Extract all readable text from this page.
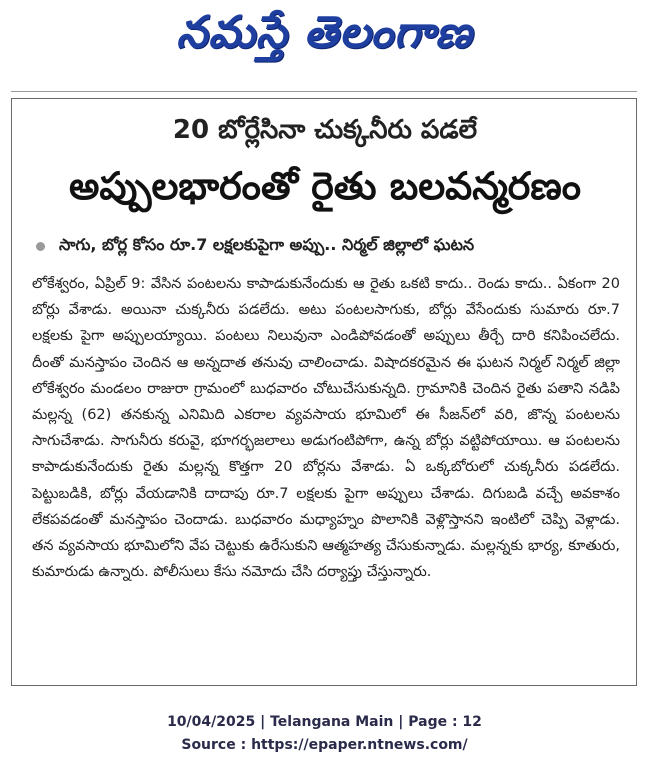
నమస్తే తెలంగాణ
20 బోర్లేసినా చుక్కనీరు పడలే
అప్పులభారంతో రైతు బలవన్మరణం
సాగు, బోర్ల కోసం రూ.7 లక్షలకుపైగా అప్పు.. నిర్మల్ జిల్లాలో ఘటన

లోకేశ్వరం, ఏప్రిల్ 9: వేసిన పంటలను కాపాడుకునేందుకు ఆ రైతు ఒకటి కాదు.. రెండు కాదు.. ఏకంగా 20 బోర్లు వేశాడు. అయినా చుక్కనీరు పడలేదు. అటు పంటలసాగుకు, బోర్లు వేసేందుకు సుమారు రూ.7 లక్షలకు పైగా అప్పులయ్యాయి. పంటలు నిలువునా ఎండిపోవడంతో అప్పులు తీర్చే దారి కనిపించలేదు. దీంతో మనస్తాపం చెందిన ఆ అన్నదాత తనువు చాలించాడు. విషాదకరమైన ఈ ఘటన నిర్మల్ నిర్మల్ జిల్లా లోకేశ్వరం మండలం రాజురా గ్రామంలో బుధవారం చోటుచేసుకున్నది. గ్రామానికి చెందిన రైతు పతాని నడిపి మల్లన్న (62) తనకున్న ఎనిమిది ఎకరాల వ్యవసాయ భూమిలో ఈ సీజన్‌లో వరి, జొన్న పంటలను సాగుచేశాడు. సాగునీరు కరువై, భూగర్భజలాలు అడుగంటిపోగా, ఉన్న బోర్లు వట్టిపోయాయి. ఆ పంటలను కాపాడుకునేందుకు రైతు మల్లన్న కొత్తగా 20 బోర్లను వేశాడు. ఏ ఒక్కబోరులో చుక్కనీరు పడలేదు. పెట్టుబడికి, బోర్లు వేయడానికి దాదాపు రూ.7 లక్షలకు పైగా అప్పులు చేశాడు. దిగుబడి వచ్చే అవకాశం లేకపవడంతో మనస్తాపం చెందాడు. బుధవారం మధ్యాహ్నం పొలానికి వెళ్లొస్తానని ఇంటిలో చెప్పి వెళ్లాడు. తన వ్యవసాయ భూమిలోని వేప చెట్టుకు ఉరేసుకుని ఆత్మహత్య చేసుకున్నాడు. మల్లన్నకు భార్య, కూతురు, కుమారుడు ఉన్నారు. పోలీసులు కేసు నమోదు చేసి దర్యాప్తు చేస్తున్నారు.

10/04/2025 | Telangana Main | Page : 12
Source : https://epaper.ntnews.com/
